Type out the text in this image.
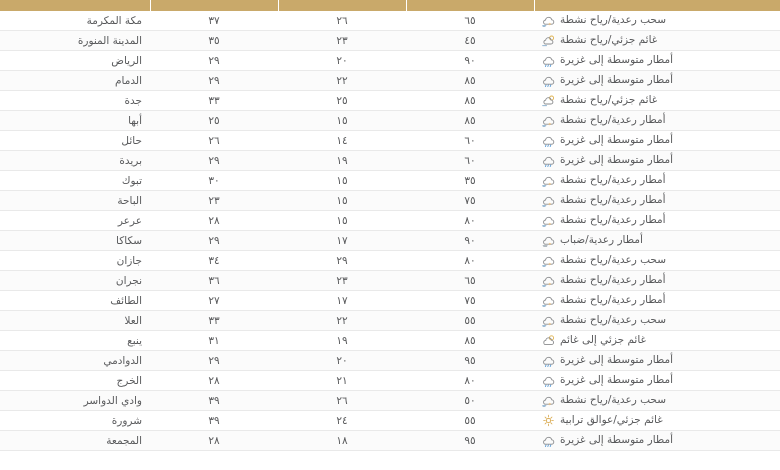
سحب رعدية/رياح نشطة	٦٥	٢٦	٣٧	مكة المكرمة

غائم جزئي/رياح نشطة	٤٥	٢٣	٣٥	المدينة المنورة

أمطار متوسطة إلى غزيرة	٩٠	٢٠	٢٩	الرياض

أمطار متوسطة إلى غزيرة	٨٥	٢٢	٢٩	الدمام

غائم جزئي/رياح نشطة	٨٥	٢٥	٣٣	جدة

أمطار رعدية/رياح نشطة	٨٥	١٥	٢٥	أبها

أمطار متوسطة إلى غزيرة	٦٠	١٤	٢٦	حائل

أمطار متوسطة إلى غزيرة	٦٠	١٩	٢٩	بريدة

أمطار رعدية/رياح نشطة	٣٥	١٥	٣٠	تبوك

أمطار رعدية/رياح نشطة	٧٥	١٥	٢٣	الباحة

أمطار رعدية/رياح نشطة	٨٠	١٥	٢٨	عرعر

أمطار رعدية/ضباب	٩٠	١٧	٢٩	سكاكا

سحب رعدية/رياح نشطة	٨٠	٢٩	٣٤	جازان

أمطار رعدية/رياح نشطة	٦٥	٢٣	٣٦	نجران

أمطار رعدية/رياح نشطة	٧٥	١٧	٢٧	الطائف

سحب رعدية/رياح نشطة	٥٥	٢٢	٣٣	العلا

غائم جزئي إلى غائم	٨٥	١٩	٣١	ينبع

أمطار متوسطة إلى غزيرة	٩٥	٢٠	٢٩	الدوادمي

أمطار متوسطة إلى غزيرة	٨٠	٢١	٢٨	الخرج

سحب رعدية/رياح نشطة	٥٠	٢٦	٣٩	وادي الدواسر

غائم جزئي/عوالق ترابية	٥٥	٢٤	٣٩	شرورة

أمطار متوسطة إلى غزيرة	٩٥	١٨	٢٨	المجمعة
